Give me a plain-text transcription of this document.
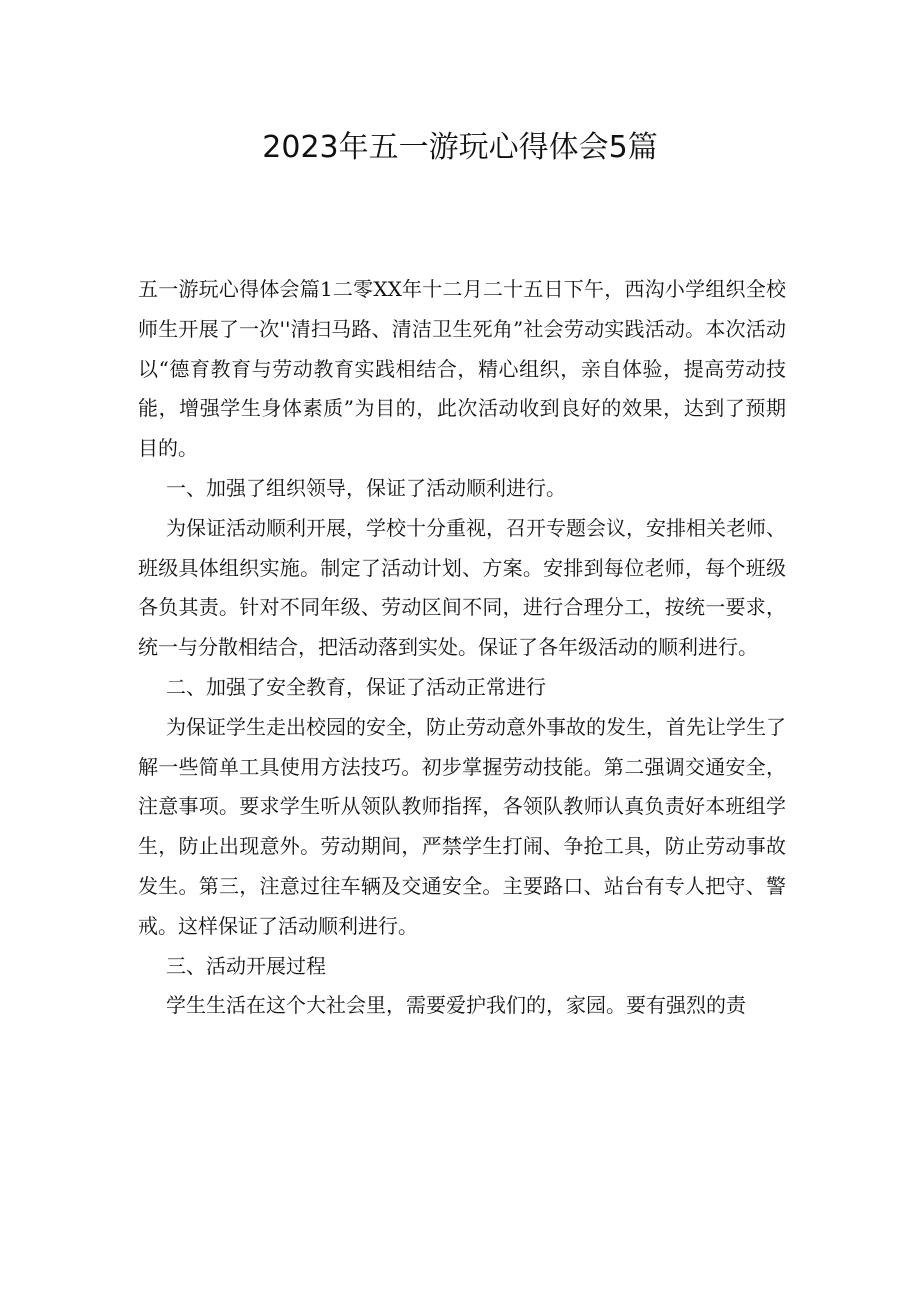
2023年五一游玩心得体会5篇

五一游玩心得体会篇1二零XX年十二月二十五日下午，西沟小学组织全校师生开展了一次''清扫马路、清洁卫生死角”社会劳动实践活动。本次活动以“德育教育与劳动教育实践相结合，精心组织，亲自体验，提高劳动技能，增强学生身体素质”为目的，此次活动收到良好的效果，达到了预期目的。

一、加强了组织领导，保证了活动顺利进行。

为保证活动顺利开展，学校十分重视，召开专题会议，安排相关老师、班级具体组织实施。制定了活动计划、方案。安排到每位老师，每个班级各负其责。针对不同年级、劳动区间不同，进行合理分工，按统一要求，统一与分散相结合，把活动落到实处。保证了各年级活动的顺利进行。

二、加强了安全教育，保证了活动正常进行

为保证学生走出校园的安全，防止劳动意外事故的发生，首先让学生了解一些简单工具使用方法技巧。初步掌握劳动技能。第二强调交通安全，注意事项。要求学生听从领队教师指挥，各领队教师认真负责好本班组学生，防止出现意外。劳动期间，严禁学生打闹、争抢工具，防止劳动事故发生。第三，注意过往车辆及交通安全。主要路口、站台有专人把守、警戒。这样保证了活动顺利进行。

三、活动开展过程

学生生活在这个大社会里，需要爱护我们的，家园。要有强烈的责
